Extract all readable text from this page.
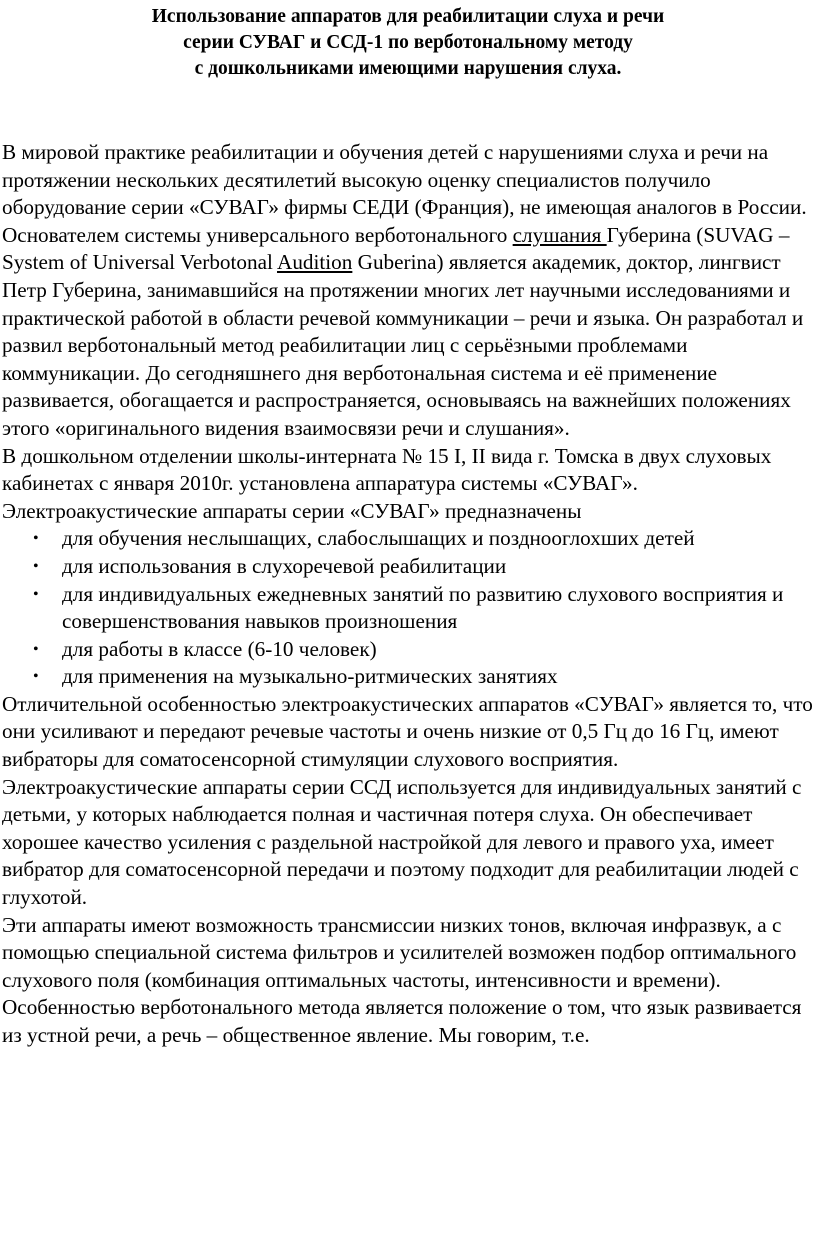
Использование аппаратов для реабилитации слуха и речи
серии СУВАГ и ССД-1 по верботональному методу
с дошкольниками имеющими нарушения слуха.

В мировой практике реабилитации и обучения детей с нарушениями слуха и речи на протяжении нескольких десятилетий высокую оценку специалистов получило оборудование серии «СУВАГ» фирмы СЕДИ (Франция), не имеющая аналогов в России. Основателем системы универсального верботонального слушания Губерина (SUVAG – System of Universal Verbotonal Audition Guberina) является академик, доктор, лингвист Петр Губерина, занимавшийся на протяжении многих лет научными исследованиями и практической работой в области речевой коммуникации – речи и языка. Он разработал и развил верботональный метод реабилитации лиц с серьёзными проблемами коммуникации. До сегодняшнего дня верботональная система и её применение развивается, обогащается и распространяется, основываясь на важнейших положениях этого «оригинального видения взаимосвязи речи и слушания».

В дошкольном отделении школы-интерната № 15 I, II вида г. Томска в двух слуховых кабинетах с января 2010г. установлена аппаратура системы «СУВАГ».

Электроакустические аппараты серии «СУВАГ» предназначены

• для обучения неслышащих, слабослышащих и позднооглохших детей
• для использования в слухоречевой реабилитации
• для индивидуальных ежедневных занятий по развитию слухового восприятия и совершенствования навыков произношения
• для работы в классе (6-10 человек)
• для применения на музыкально-ритмических занятиях

Отличительной особенностью электроакустических аппаратов «СУВАГ» является то, что они усиливают и передают речевые частоты и очень низкие от 0,5 Гц до 16 Гц, имеют вибраторы для соматосенсорной стимуляции слухового восприятия.

Электроакустические аппараты серии ССД используется для индивидуальных занятий с детьми, у которых наблюдается полная и частичная потеря слуха. Он обеспечивает хорошее качество усиления с раздельной настройкой для левого и правого уха, имеет вибратор для соматосенсорной передачи и поэтому подходит для реабилитации людей с глухотой.

Эти аппараты имеют возможность трансмиссии низких тонов, включая инфразвук, а с помощью специальной система фильтров и усилителей возможен подбор оптимального слухового поля (комбинация оптимальных частоты, интенсивности и времени).

Особенностью верботонального метода является положение о том, что язык развивается из устной речи, а речь – общественное явление. Мы говорим, т.е.
